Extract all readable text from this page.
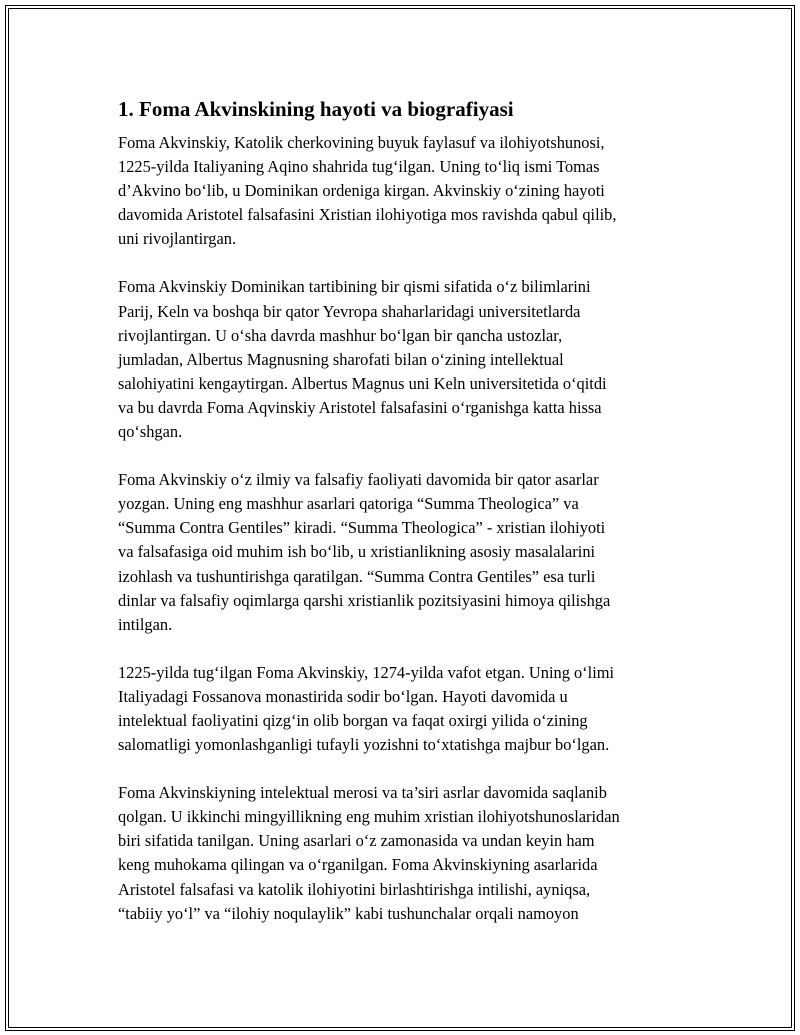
1. Foma Akvinskining hayoti va biografiyasi

Foma Akvinskiy, Katolik cherkovining buyuk faylasuf va ilohiyotshunosi,
1225-yilda Italiyaning Aqino shahrida tug‘ilgan. Uning to‘liq ismi Tomas
d’Akvino bo‘lib, u Dominikan ordeniga kirgan. Akvinskiy o‘zining hayoti
davomida Aristotel falsafasini Xristian ilohiyotiga mos ravishda qabul qilib,
uni rivojlantirgan.

Foma Akvinskiy Dominikan tartibining bir qismi sifatida o‘z bilimlarini
Parij, Keln va boshqa bir qator Yevropa shaharlaridagi universitetlarda
rivojlantirgan. U o‘sha davrda mashhur bo‘lgan bir qancha ustozlar,
jumladan, Albertus Magnusning sharofati bilan o‘zining intellektual
salohiyatini kengaytirgan. Albertus Magnus uni Keln universitetida o‘qitdi
va bu davrda Foma Aqvinskiy Aristotel falsafasini o‘rganishga katta hissa
qo‘shgan.

Foma Akvinskiy o‘z ilmiy va falsafiy faoliyati davomida bir qator asarlar
yozgan. Uning eng mashhur asarlari qatoriga “Summa Theologica” va
“Summa Contra Gentiles” kiradi. “Summa Theologica” - xristian ilohiyoti
va falsafasiga oid muhim ish bo‘lib, u xristianlikning asosiy masalalarini
izohlash va tushuntirishga qaratilgan. “Summa Contra Gentiles” esa turli
dinlar va falsafiy oqimlarga qarshi xristianlik pozitsiyasini himoya qilishga
intilgan.

1225-yilda tug‘ilgan Foma Akvinskiy, 1274-yilda vafot etgan. Uning o‘limi
Italiyadagi Fossanova monastirida sodir bo‘lgan. Hayoti davomida u
intelektual faoliyatini qizg‘in olib borgan va faqat oxirgi yilida o‘zining
salomatligi yomonlashganligi tufayli yozishni to‘xtatishga majbur bo‘lgan.

Foma Akvinskiyning intelektual merosi va ta’siri asrlar davomida saqlanib
qolgan. U ikkinchi mingyillikning eng muhim xristian ilohiyotshunoslaridan
biri sifatida tanilgan. Uning asarlari o‘z zamonasida va undan keyin ham
keng muhokama qilingan va o‘rganilgan. Foma Akvinskiyning asarlarida
Aristotel falsafasi va katolik ilohiyotini birlashtirishga intilishi, ayniqsa,
“tabiiy yo‘l” va “ilohiy noqulaylik” kabi tushunchalar orqali namoyon
